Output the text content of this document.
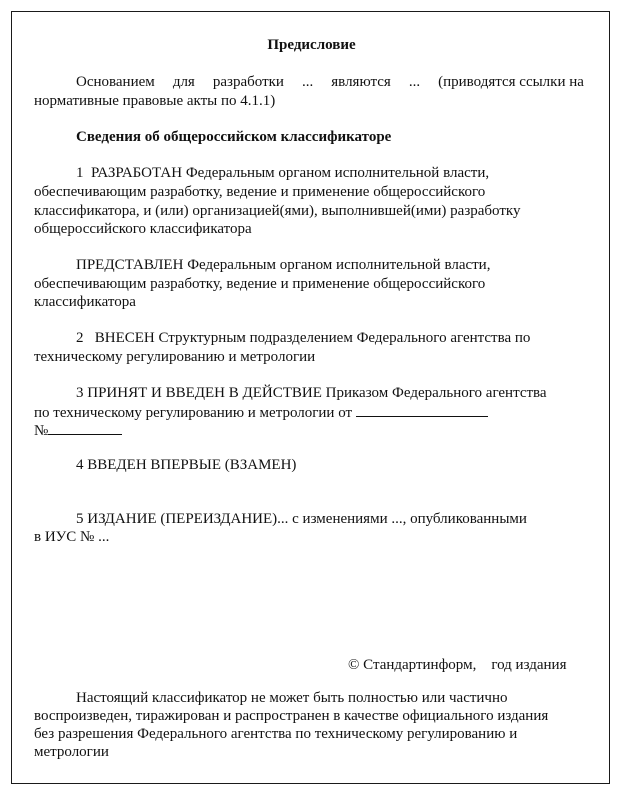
Предисловие
Основанием для разработки ... являются ... (приводятся ссылки на
нормативные правовые акты по 4.1.1)
Сведения об общероссийском классификаторе
1 РАЗРАБОТАН Федеральным органом исполнительной власти,
обеспечивающим разработку, ведение и применение общероссийского
классификатора, и (или) организацией(ями), выполнившей(ими) разработку
общероссийского классификатора
ПРЕДСТАВЛЕН Федеральным органом исполнительной власти,
обеспечивающим разработку, ведение и применение общероссийского
классификатора
2 ВНЕСЕН Структурным подразделением Федерального агентства по
техническому регулированию и метрологии
3 ПРИНЯТ И ВВЕДЕН В ДЕЙСТВИЕ Приказом Федерального агентства
по техническому регулированию и метрологии от
№
4 ВВЕДЕН ВПЕРВЫЕ (ВЗАМЕН)
5 ИЗДАНИЕ (ПЕРЕИЗДАНИЕ)... с изменениями ..., опубликованными
в ИУС № ...
© Стандартинформ, год издания
Настоящий классификатор не может быть полностью или частично
воспроизведен, тиражирован и распространен в качестве официального издания
без разрешения Федерального агентства по техническому регулированию и
метрологии
